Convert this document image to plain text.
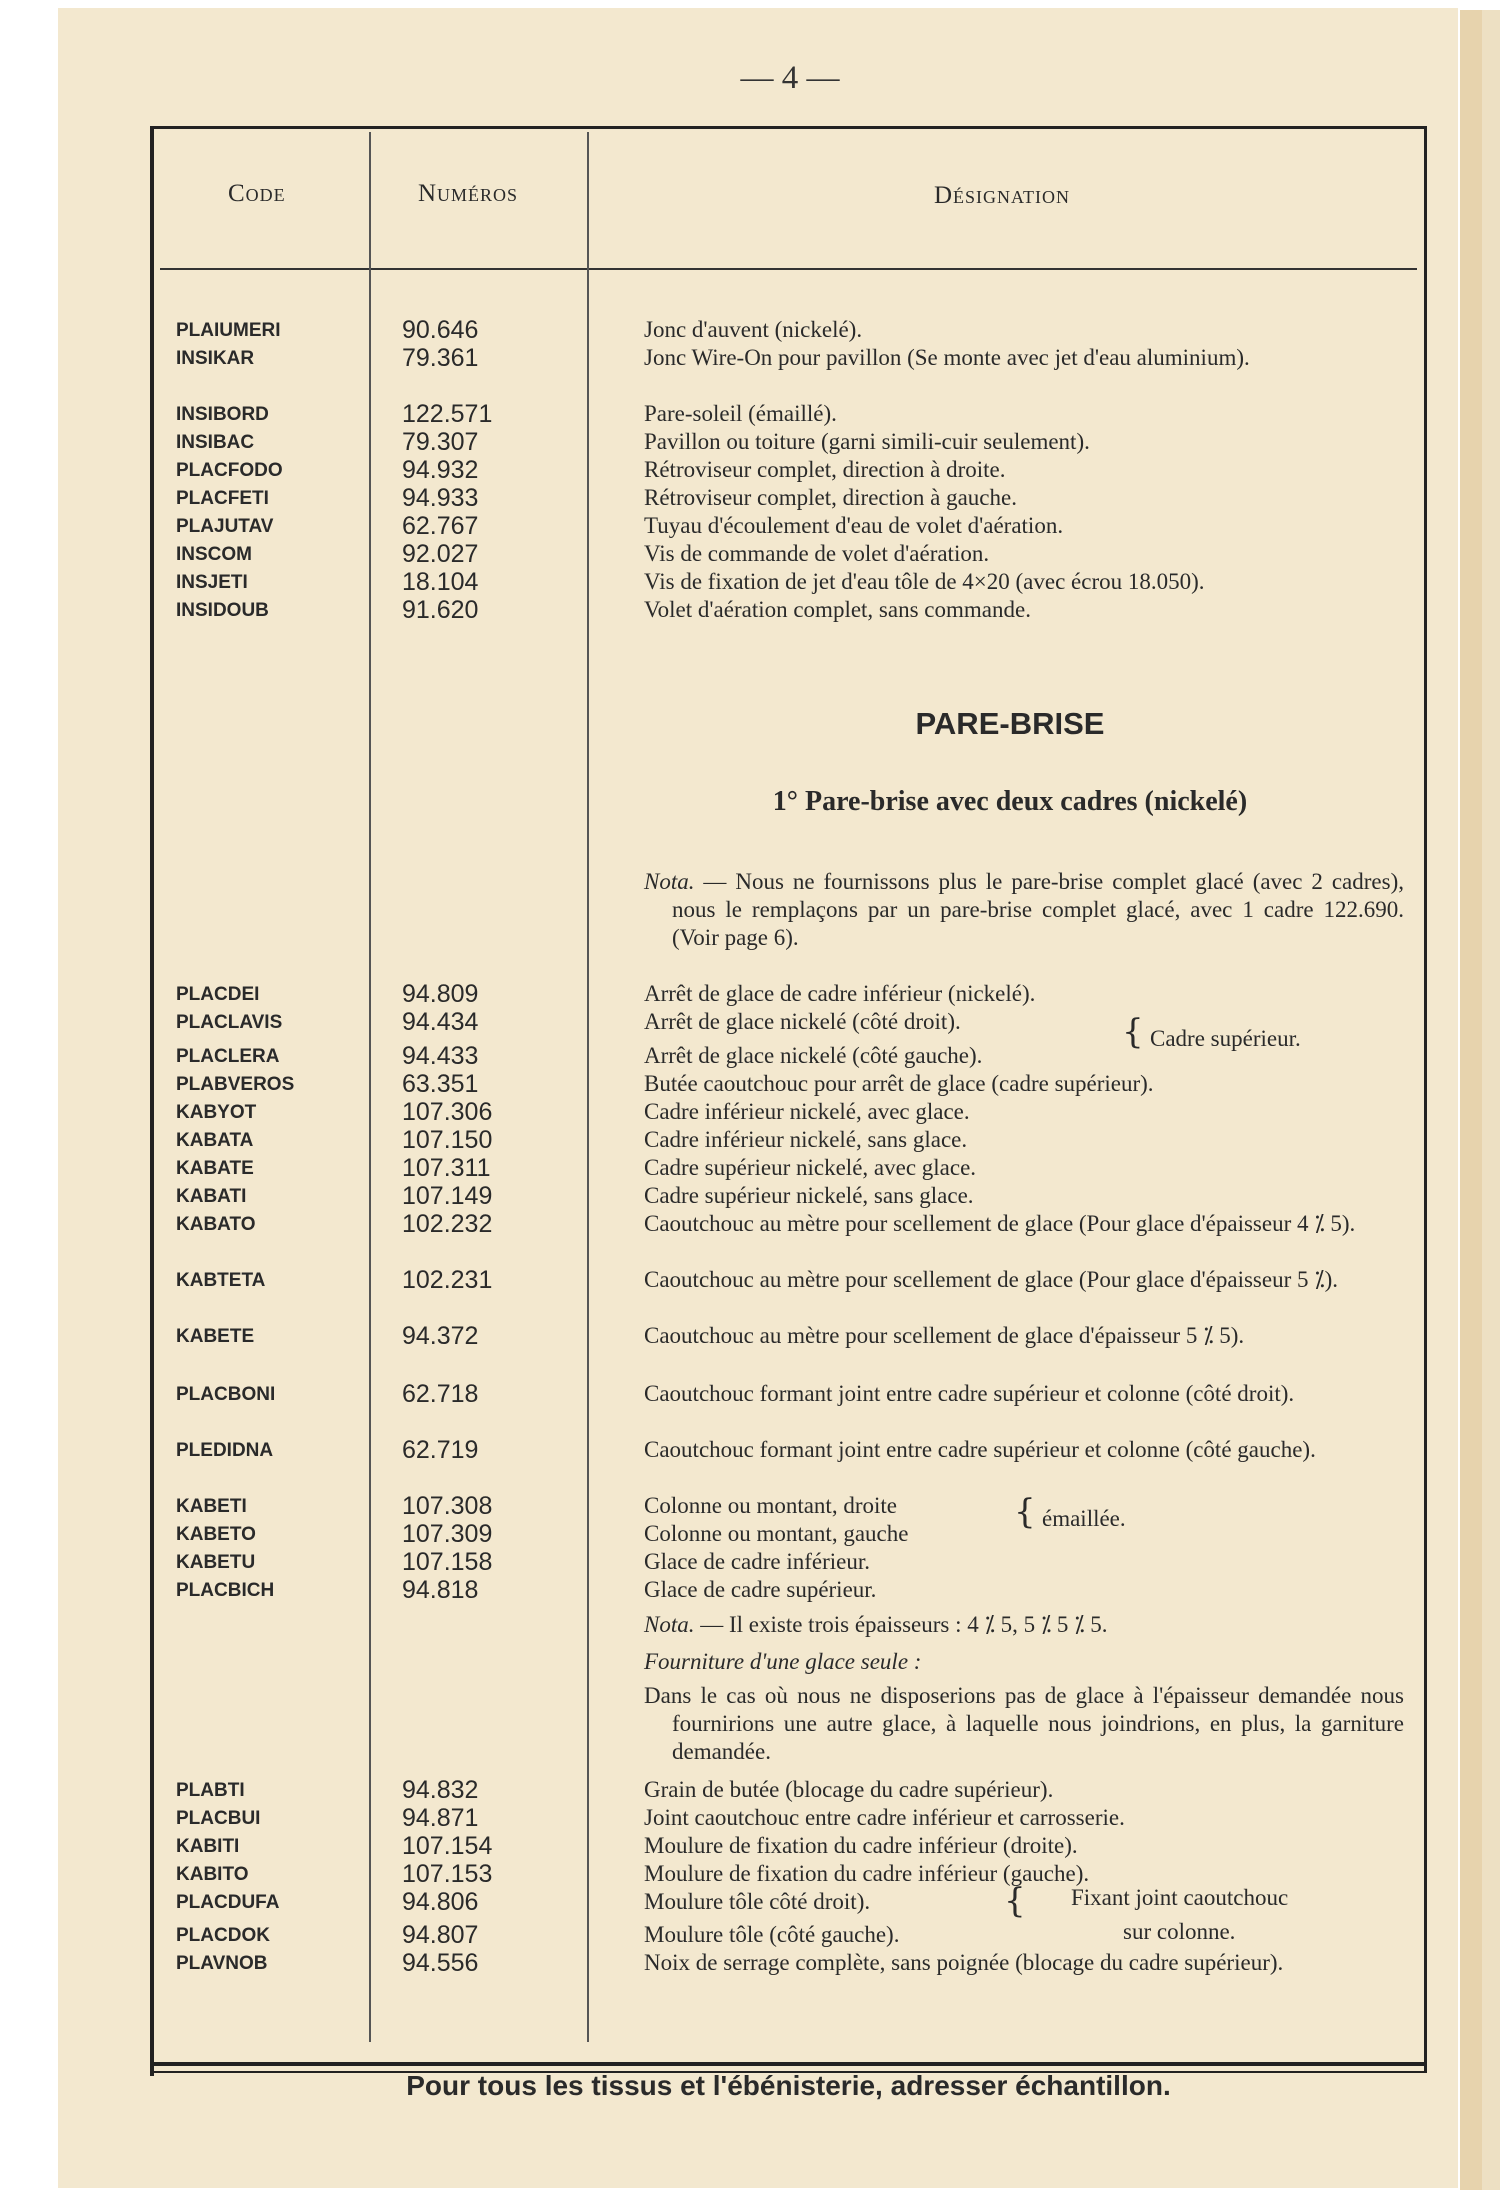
— 4 —
Code	Numéros	Désignation
PLAIUMERI	90.646	Jonc d'auvent (nickelé).
INSIKAR	79.361	Jonc Wire-On pour pavillon (Se monte avec jet d'eau aluminium).
INSIBORD	122.571	Pare-soleil (émaillé).
INSIBAC	79.307	Pavillon ou toiture (garni simili-cuir seulement).
PLACFODO	94.932	Rétroviseur complet, direction à droite.
PLACFETI	94.933	Rétroviseur complet, direction à gauche.
PLAJUTAV	62.767	Tuyau d'écoulement d'eau de volet d'aération.
INSCOM	92.027	Vis de commande de volet d'aération.
INSJETI	18.104	Vis de fixation de jet d'eau tôle de 4×20 (avec écrou 18.050).
INSIDOUB	91.620	Volet d'aération complet, sans commande.
PARE-BRISE
1° Pare-brise avec deux cadres (nickelé)
Nota. — Nous ne fournissons plus le pare-brise complet glacé (avec 2 cadres), nous le remplaçons par un pare-brise complet glacé, avec 1 cadre 122.690. (Voir page 6).
PLACDEI	94.809	Arrêt de glace de cadre inférieur (nickelé).
PLACLAVIS	94.434	Arrêt de glace nickelé (côté droit).
PLACLERA	94.433	Arrêt de glace nickelé (côté gauche).
PLABVEROS	63.351	Butée caoutchouc pour arrêt de glace (cadre supérieur).
KABYOT	107.306	Cadre inférieur nickelé, avec glace.
KABATA	107.150	Cadre inférieur nickelé, sans glace.
KABATE	107.311	Cadre supérieur nickelé, avec glace.
KABATI	107.149	Cadre supérieur nickelé, sans glace.
KABATO	102.232	Caoutchouc au mètre pour scellement de glace (Pour glace d'épaisseur 4 ⁒ 5).
KABTETA	102.231	Caoutchouc au mètre pour scellement de glace (Pour glace d'épaisseur 5 ⁒).
KABETE	94.372	Caoutchouc au mètre pour scellement de glace d'épaisseur 5 ⁒ 5).
PLACBONI	62.718	Caoutchouc formant joint entre cadre supérieur et colonne (côté droit).
PLEDIDNA	62.719	Caoutchouc formant joint entre cadre supérieur et colonne (côté gauche).
KABETI	107.308	Colonne ou montant, droite
KABETO	107.309	Colonne ou montant, gauche
KABETU	107.158	Glace de cadre inférieur.
PLACBICH	94.818	Glace de cadre supérieur.
{ Cadre supérieur.
{ émaillée.
Nota. — Il existe trois épaisseurs : 4 ⁒ 5, 5 ⁒ 5 ⁒ 5.
Fourniture d'une glace seule :
Dans le cas où nous ne disposerions pas de glace à l'épaisseur demandée nous fournirions une autre glace, à laquelle nous joindrions, en plus, la garniture demandée.
PLABTI	94.832	Grain de butée (blocage du cadre supérieur).
PLACBUI	94.871	Joint caoutchouc entre cadre inférieur et carrosserie.
KABITI	107.154	Moulure de fixation du cadre inférieur (droite).
KABITO	107.153	Moulure de fixation du cadre inférieur (gauche).
PLACDUFA	94.806	Moulure tôle côté droit).
PLACDOK	94.807	Moulure tôle (côté gauche).
PLAVNOB	94.556	Noix de serrage complète, sans poignée (blocage du cadre supérieur).
{ Fixant joint caoutchouc
sur colonne.
Pour tous les tissus et l'ébénisterie, adresser échantillon.
